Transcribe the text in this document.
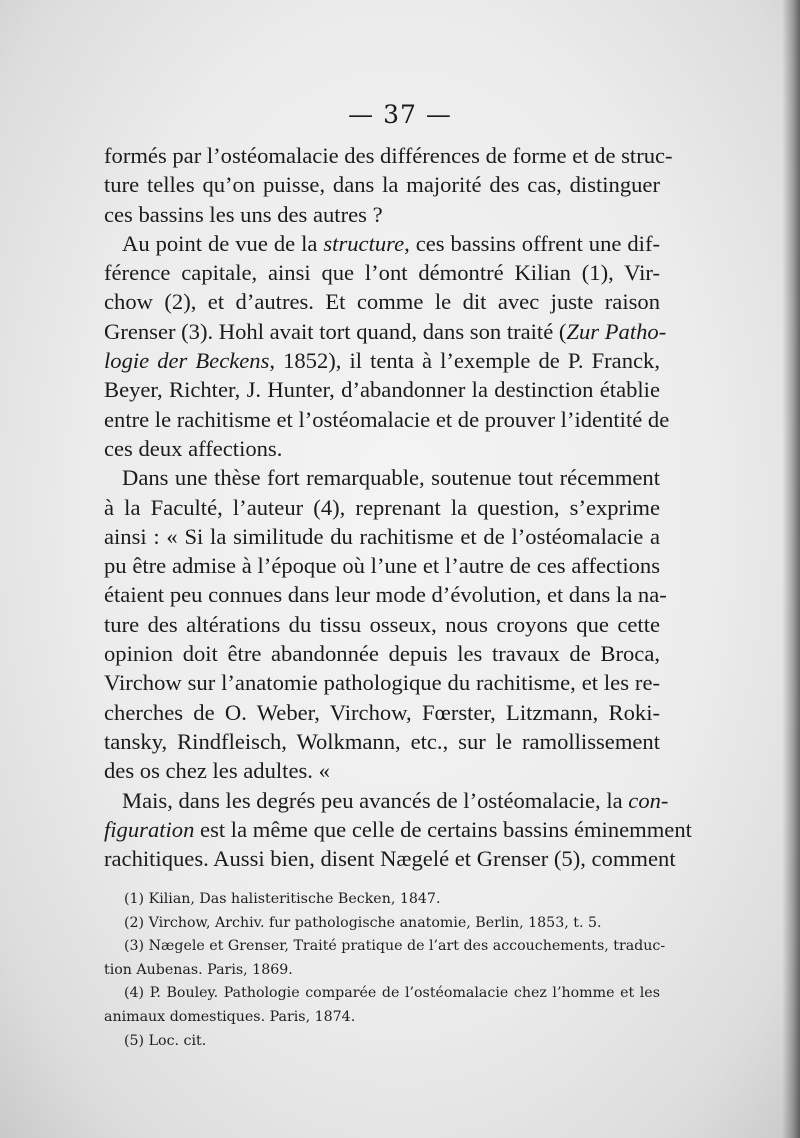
— 37 —
formés par l’ostéomalacie des différences de forme et de struc-
ture telles qu’on puisse, dans la majorité des cas, distinguer
ces bassins les uns des autres ?
Au point de vue de la structure, ces bassins offrent une dif-
férence capitale, ainsi que l’ont démontré Kilian (1), Vir-
chow (2), et d’autres. Et comme le dit avec juste raison
Grenser (3). Hohl avait tort quand, dans son traité (Zur Patho-
logie der Beckens, 1852), il tenta à l’exemple de P. Franck,
Beyer, Richter, J. Hunter, d’abandonner la destinction établie
entre le rachitisme et l’ostéomalacie et de prouver l’identité de
ces deux affections.
Dans une thèse fort remarquable, soutenue tout récemment
à la Faculté, l’auteur (4), reprenant la question, s’exprime
ainsi : « Si la similitude du rachitisme et de l’ostéomalacie a
pu être admise à l’époque où l’une et l’autre de ces affections
étaient peu connues dans leur mode d’évolution, et dans la na-
ture des altérations du tissu osseux, nous croyons que cette
opinion doit être abandonnée depuis les travaux de Broca,
Virchow sur l’anatomie pathologique du rachitisme, et les re-
cherches de O. Weber, Virchow, Fœrster, Litzmann, Roki-
tansky, Rindfleisch, Wolkmann, etc., sur le ramollissement
des os chez les adultes. «
Mais, dans les degrés peu avancés de l’ostéomalacie, la con-
figuration est la même que celle de certains bassins éminemment
rachitiques. Aussi bien, disent Nægelé et Grenser (5), comment
(1) Kilian, Das halisteritische Becken, 1847.
(2) Virchow, Archiv. fur pathologische anatomie, Berlin, 1853, t. 5.
(3) Nægele et Grenser, Traité pratique de l’art des accouchements, traduc-
tion Aubenas. Paris, 1869.
(4) P. Bouley. Pathologie comparée de l’ostéomalacie chez l’homme et les
animaux domestiques. Paris, 1874.
(5) Loc. cit.
